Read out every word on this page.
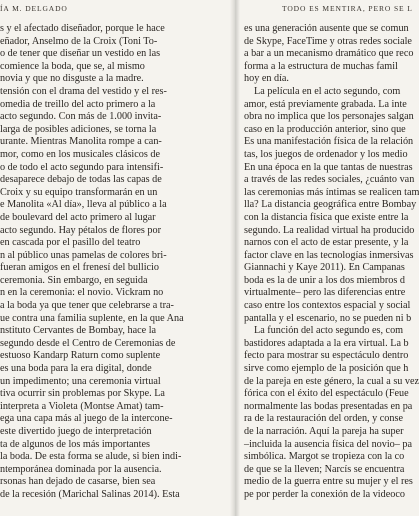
ÍA M. DELGADO
s y el afectado diseñador, porque le hace
eñador, Anselmo de la Croix (Toni To-
o de tener que diseñar un vestido en las
comience la boda, que se, al mismo
novia y que no disguste a la madre.
tensión con el drama del vestido y el res-
omedia de treillo del acto primero a la
acto segundo. Con más de 1.000 invita-
larga de posibles adiciones, se torna la
urante. Mientras Manolita rompe a can-
mor, como en los musicales clásicos de
o de todo el acto segundo para intensifi-
desaparece debajo de todas las capas de
Croix y su equipo transformarán en un
e Manolita «Al día», lleva al público a la
de boulevard del acto primero al lugar
acto segundo. Hay pétalos de flores por
en cascada por el pasillo del teatro
n al público unas pamelas de colores bri-
fueran amigos en el frenesí del bullicio
ceremonia. Sin embargo, en seguida
n en la ceremonia: el novio. Vickram no
a la boda ya que tener que celebrarse a tra-
ue contra una familia suplente, en la que Ana
nstituto Cervantes de Bombay, hace la
segundo desde el Centro de Ceremonias de
estuoso Kandarp Raturn como suplente
es una boda para la era digital, donde
un impedimento; una ceremonia virtual
tiva ocurrir sin problemas por Skype. La
interpreta a Violeta (Montse Amat) tam-
ega una capa más al juego de la intercone-
este divertido juego de interpretación
ta de algunos de los más importantes
la boda. De esta forma se alude, si bien indi-
ntemporánea dominada por la ausencia.
rsonas han dejado de casarse, bien sea
de la recesión (Marichal Salinas 2014). Esta
TODO ES MENTIRA, PERO SE L
es una generación ausente que se comun
de Skype, FaceTime y otras redes sociale
a bar a un mecanismo dramático que reco
forma a la estructura de muchas famil
hoy en día.
La película en el acto segundo, com
amor, está previamente grabada. La inte
obra no implica que los personajes salgan
caso en la producción anterior, sino que
Es una manifestación física de la relación
tas, los juegos de ordenador y los medio
En una época en la que tantas de nuestras
a través de las redes sociales, ¿cuánto van
las ceremonias más íntimas se realicen tam
lla? La distancia geográfica entre Bombay
con la distancia física que existe entre la
segundo. La realidad virtual ha producido
narnos con el acto de estar presente, y la
factor clave en las tecnologías inmersivas
Giannachi y Kaye 2011). En Campanas
boda es la de unir a los dos miembros d
virtualmente– pero las diferencias entre
caso entre los contextos espacial y social
pantalla y el escenario, no se pueden ni b
La función del acto segundo es, com
bastidores adaptada a la era virtual. La b
fecto para mostrar su espectáculo dentro
sirve como ejemplo de la posición que h
de la pareja en este género, la cual a su vez
fórica con el éxito del espectáculo (Feue
normalmente las bodas presentadas en pa
ra de la restauración del orden, y conse
de la narración. Aquí la pareja ha super
–incluida la ausencia física del novio– pa
simbólica. Margot se tropieza con la co
de que se la lleven; Narcís se encuentra
medio de la guerra entre su mujer y el res
pe por perder la conexión de la videoco
